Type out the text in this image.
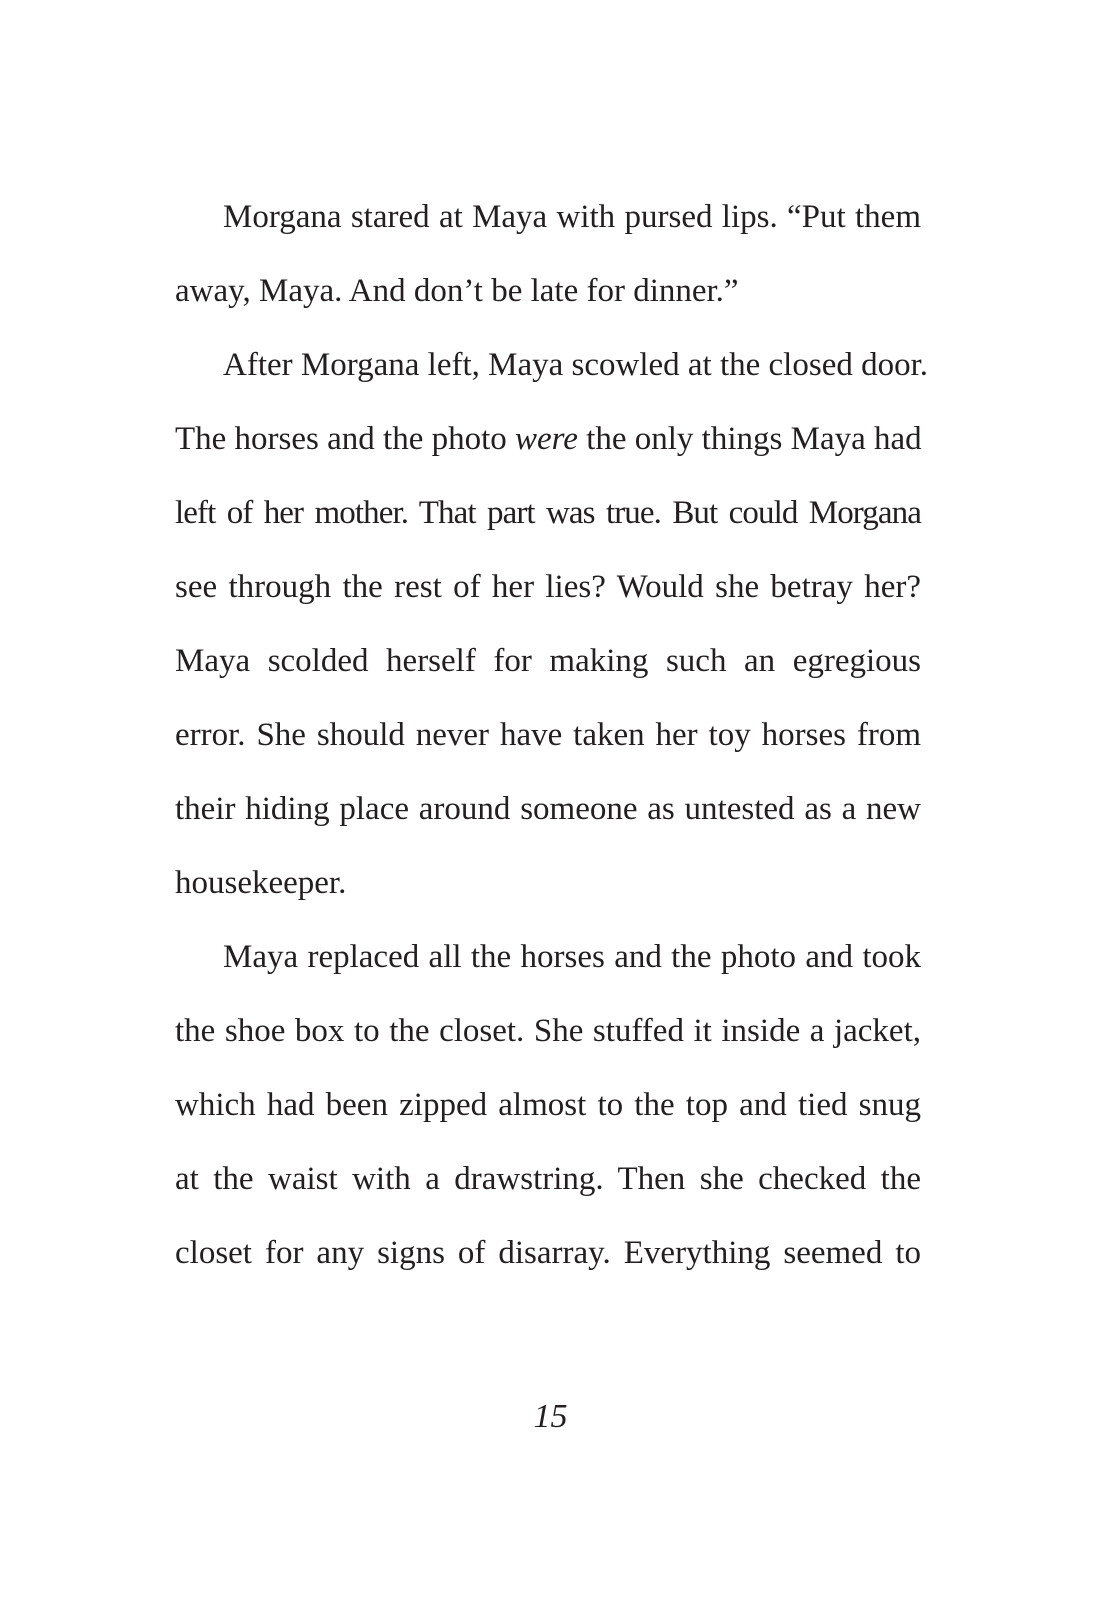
Morgana stared at Maya with pursed lips. “Put them
away, Maya. And don’t be late for dinner.”
After Morgana left, Maya scowled at the closed door.
The horses and the photo were the only things Maya had
left of her mother. That part was true. But could Morgana
see through the rest of her lies? Would she betray her?
Maya scolded herself for making such an egregious
error. She should never have taken her toy horses from
their hiding place around someone as untested as a new
housekeeper.
Maya replaced all the horses and the photo and took
the shoe box to the closet. She stuffed it inside a jacket,
which had been zipped almost to the top and tied snug
at the waist with a drawstring. Then she checked the
closet for any signs of disarray. Everything seemed to
15
